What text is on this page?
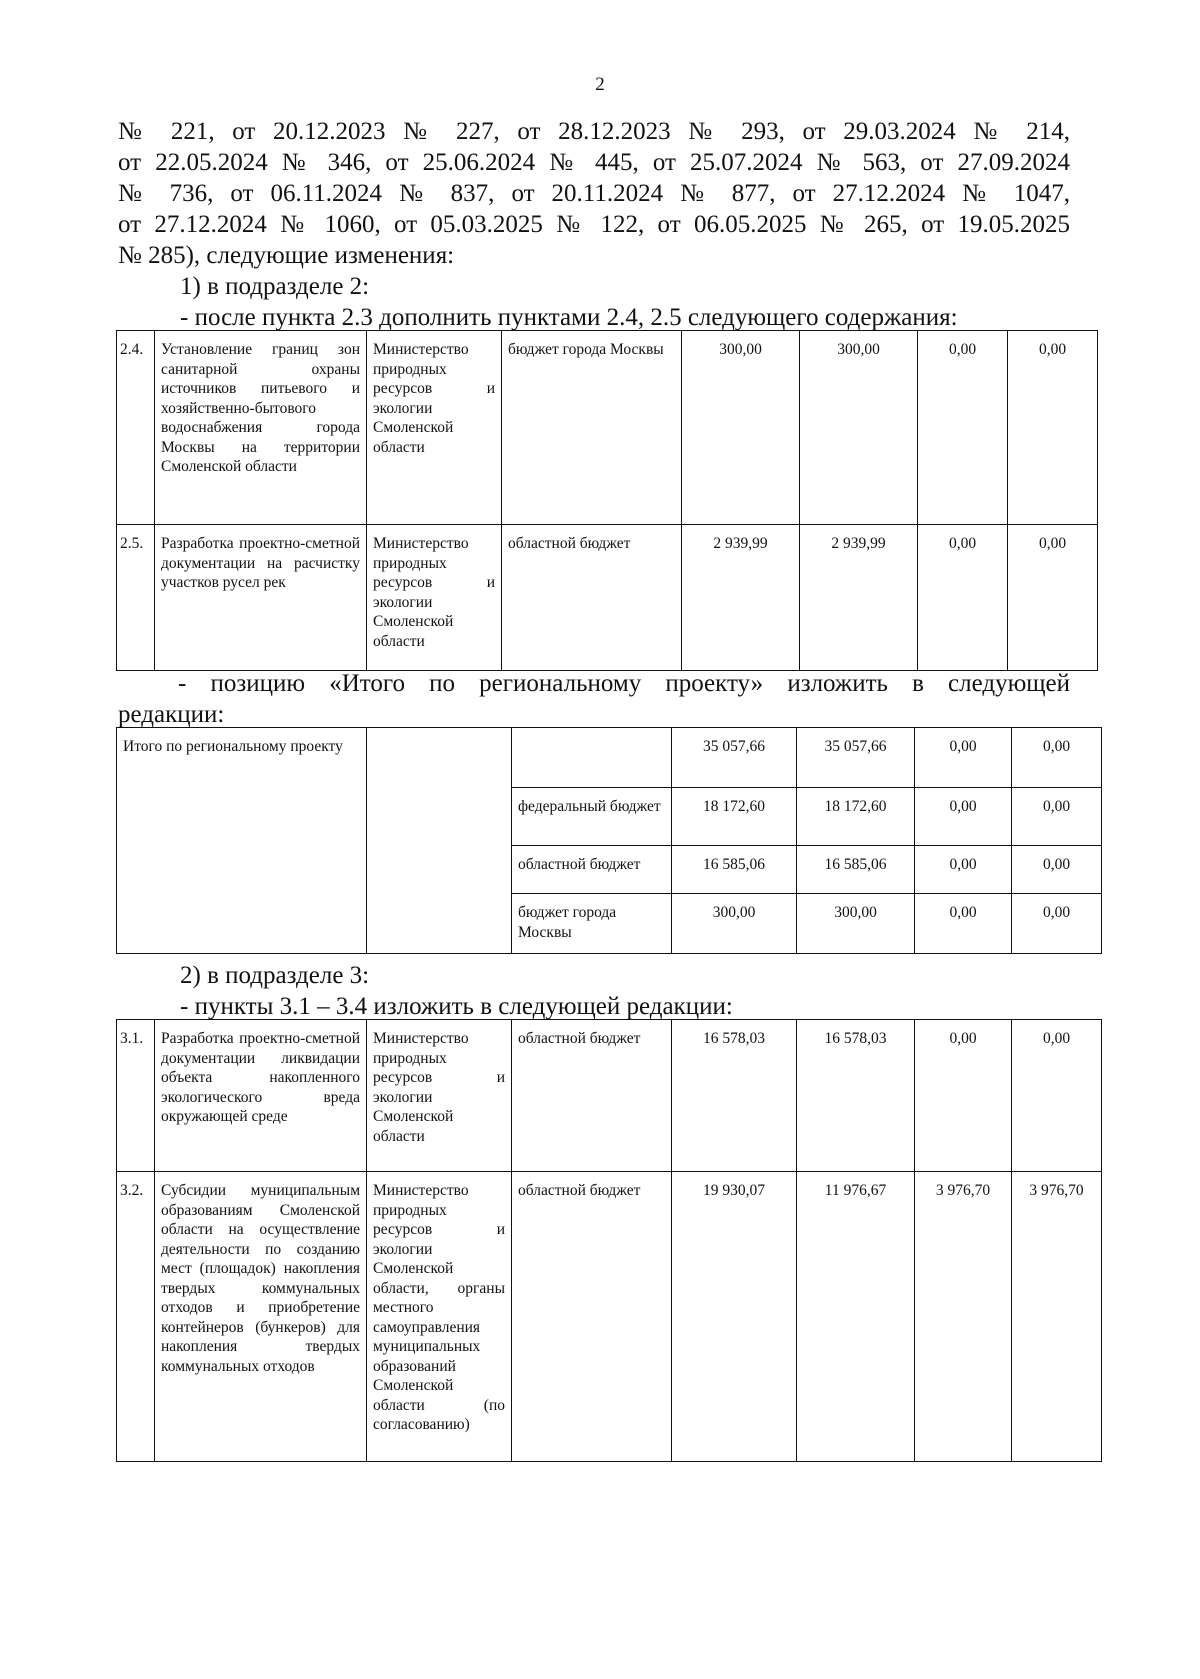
2
№ 221, от 20.12.2023 № 227, от 28.12.2023 № 293, от 29.03.2024 № 214,
от 22.05.2024 № 346, от 25.06.2024 № 445, от 25.07.2024 № 563, от 27.09.2024
№ 736, от 06.11.2024 № 837, от 20.11.2024 № 877, от 27.12.2024 № 1047,
от 27.12.2024 № 1060, от 05.03.2025 № 122, от 06.05.2025 № 265, от 19.05.2025
№ 285), следующие изменения:
1) в подразделе 2:
- после пункта 2.3 дополнить пунктами 2.4, 2.5 следующего содержания:
2.4.	Установление границ зон санитарной охраны источников питьевого и хозяйственно-бытового водоснабжения города Москвы на территории Смоленской области	Министерство природных ресурсов и экологии Смоленской области	бюджет города Москвы	300,00	300,00	0,00	0,00
2.5.	Разработка проектно-сметной документации на расчистку участков русел рек	Министерство природных ресурсов и экологии Смоленской области	областной бюджет	2 939,99	2 939,99	0,00	0,00
- позицию «Итого по региональному проекту» изложить в следующей
редакции:
Итого по региональному проекту			35 057,66	35 057,66	0,00	0,00
		федеральный бюджет	18 172,60	18 172,60	0,00	0,00
		областной бюджет	16 585,06	16 585,06	0,00	0,00
		бюджет города Москвы	300,00	300,00	0,00	0,00
2) в подразделе 3:
- пункты 3.1 – 3.4 изложить в следующей редакции:
3.1.	Разработка проектно-сметной документации ликвидации объекта накопленного экологического вреда окружающей среде	Министерство природных ресурсов и экологии Смоленской области	областной бюджет	16 578,03	16 578,03	0,00	0,00
3.2.	Субсидии муниципальным образованиям Смоленской области на осуществление деятельности по созданию мест (площадок) накопления твердых коммунальных отходов и приобретение контейнеров (бункеров) для накопления твердых коммунальных отходов	Министерство природных ресурсов и экологии Смоленской области, органы местного самоуправления муниципальных образований Смоленской области (по согласованию)	областной бюджет	19 930,07	11 976,67	3 976,70	3 976,70
